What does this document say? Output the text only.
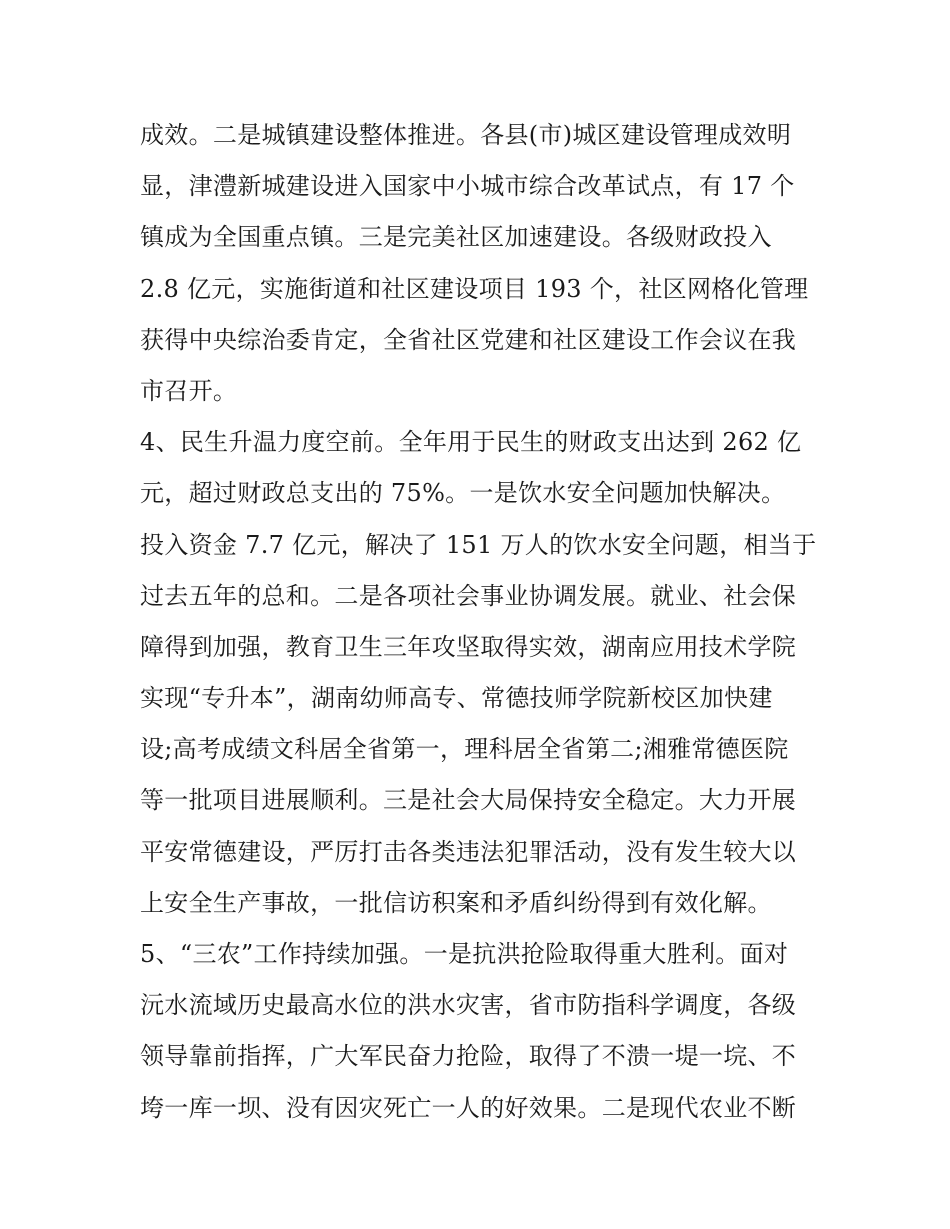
成效。二是城镇建设整体推进。各县(市)城区建设管理成效明
显，津澧新城建设进入国家中小城市综合改革试点，有 17 个
镇成为全国重点镇。三是完美社区加速建设。各级财政投入
2.8 亿元，实施街道和社区建设项目 193 个，社区网格化管理
获得中央综治委肯定，全省社区党建和社区建设工作会议在我
市召开。
4、民生升温力度空前。全年用于民生的财政支出达到 262 亿
元，超过财政总支出的 75%。一是饮水安全问题加快解决。
投入资金 7.7 亿元，解决了 151 万人的饮水安全问题，相当于
过去五年的总和。二是各项社会事业协调发展。就业、社会保
障得到加强，教育卫生三年攻坚取得实效，湖南应用技术学院
实现“专升本”，湖南幼师高专、常德技师学院新校区加快建
设;高考成绩文科居全省第一，理科居全省第二;湘雅常德医院
等一批项目进展顺利。三是社会大局保持安全稳定。大力开展
平安常德建设，严厉打击各类违法犯罪活动，没有发生较大以
上安全生产事故，一批信访积案和矛盾纠纷得到有效化解。
5、“三农”工作持续加强。一是抗洪抢险取得重大胜利。面对
沅水流域历史最高水位的洪水灾害，省市防指科学调度，各级
领导靠前指挥，广大军民奋力抢险，取得了不溃一堤一垸、不
垮一库一坝、没有因灾死亡一人的好效果。二是现代农业不断
